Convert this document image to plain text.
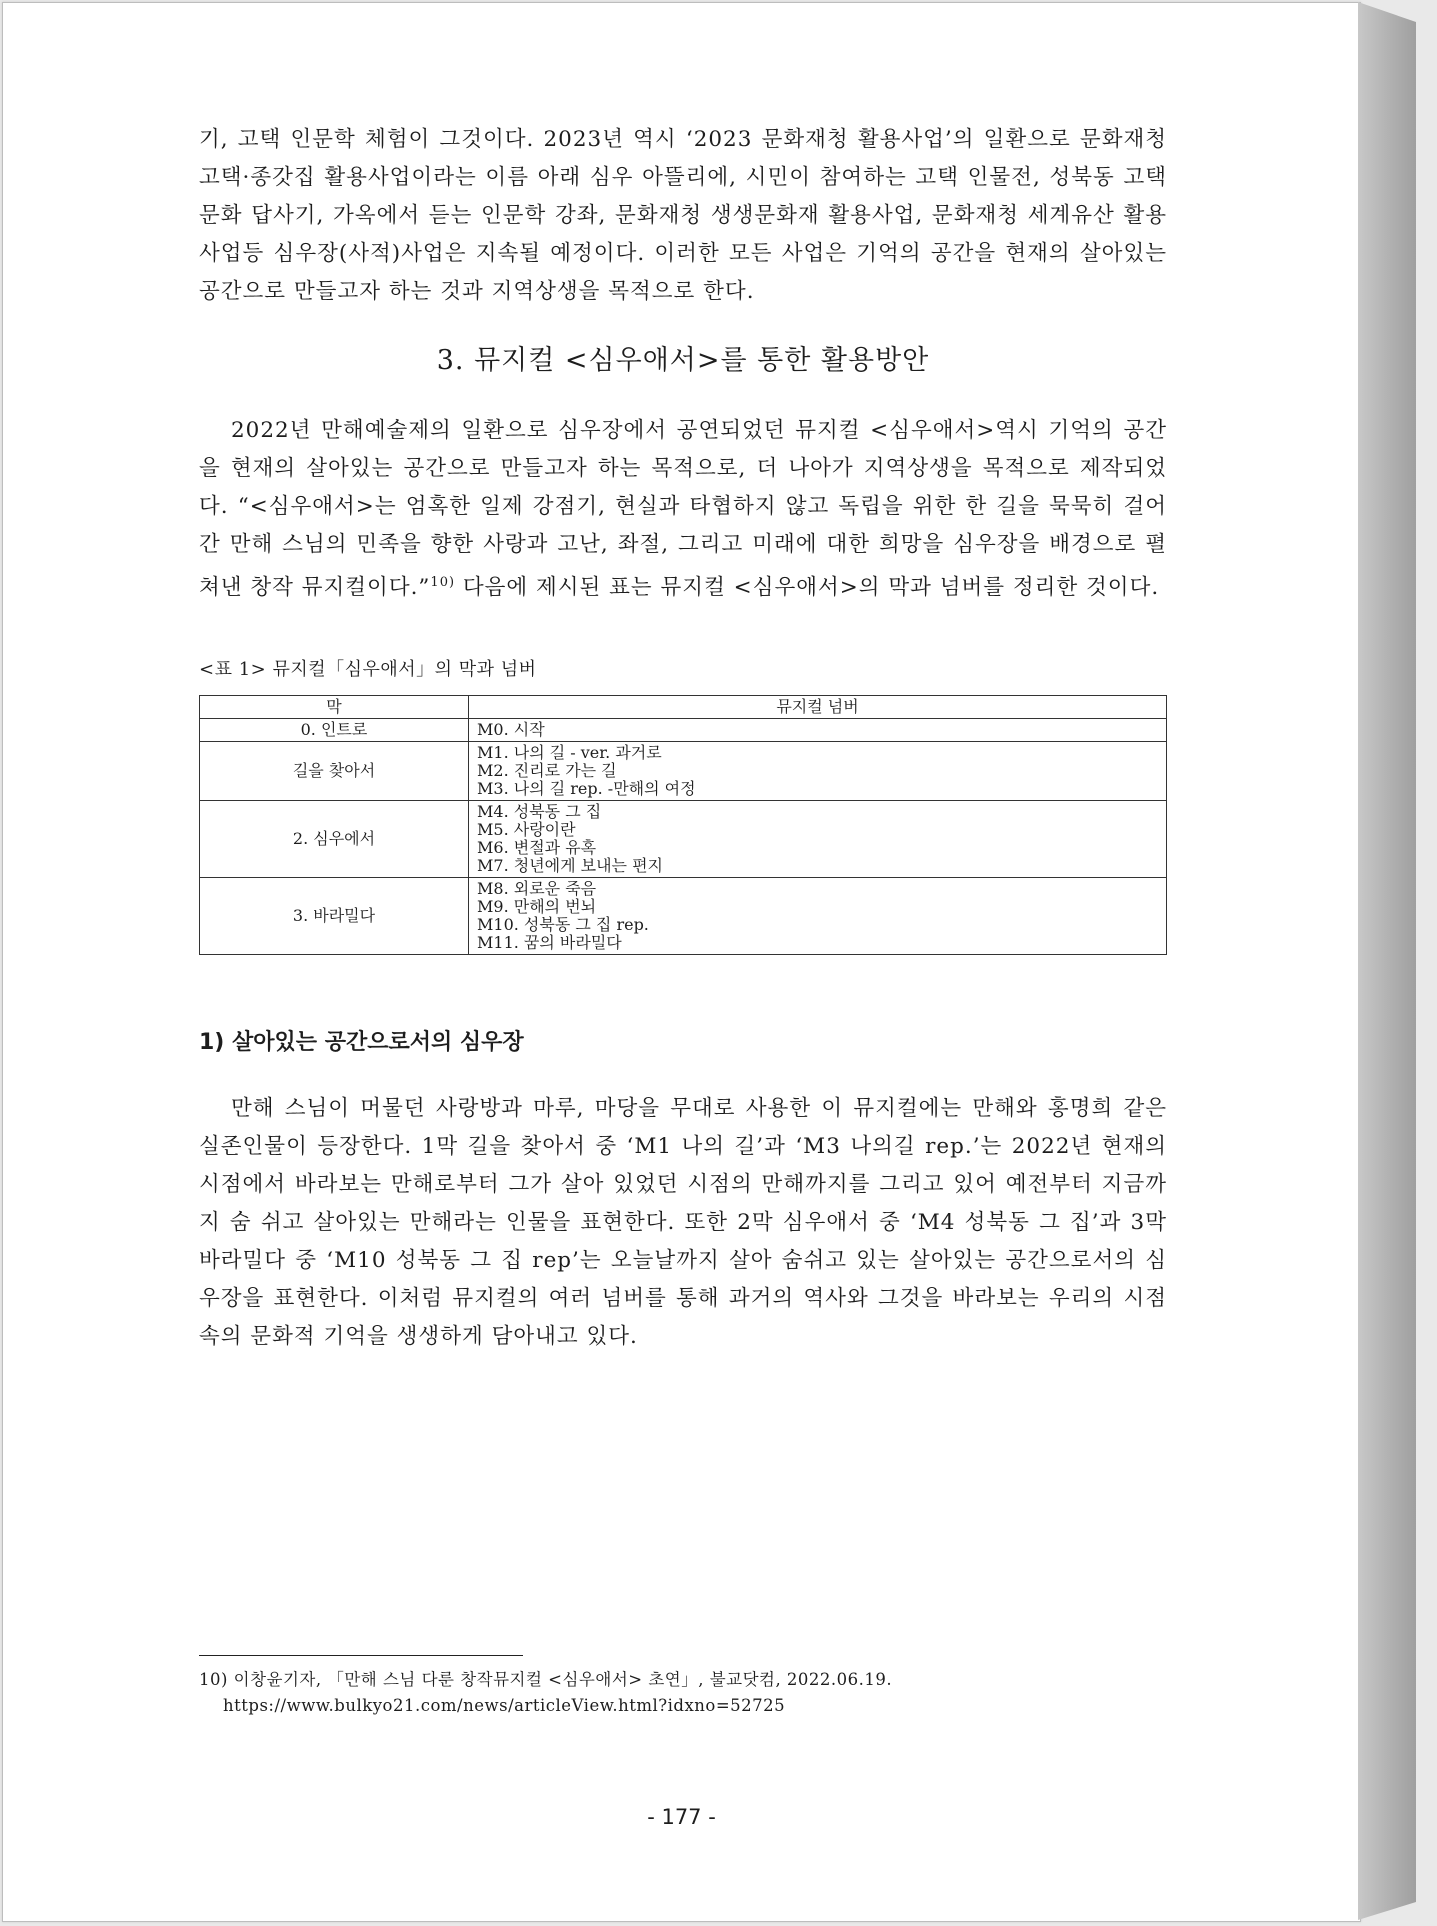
기, 고택 인문학 체험이 그것이다. 2023년 역시 ‘2023 문화재청 활용사업’의 일환으로 문화재청 고택·종갓집 활용사업이라는 이름 아래 심우 아뜰리에, 시민이 참여하는 고택 인물전, 성북동 고택 문화 답사기, 가옥에서 듣는 인문학 강좌, 문화재청 생생문화재 활용사업, 문화재청 세계유산 활용사업등 심우장(사적)사업은 지속될 예정이다. 이러한 모든 사업은 기억의 공간을 현재의 살아있는 공간으로 만들고자 하는 것과 지역상생을 목적으로 한다.

3. 뮤지컬 <심우애서>를 통한 활용방안

2022년 만해예술제의 일환으로 심우장에서 공연되었던 뮤지컬 <심우애서>역시 기억의 공간을 현재의 살아있는 공간으로 만들고자 하는 목적으로, 더 나아가 지역상생을 목적으로 제작되었다. “<심우애서>는 엄혹한 일제 강점기, 현실과 타협하지 않고 독립을 위한 한 길을 묵묵히 걸어간 만해 스님의 민족을 향한 사랑과 고난, 좌절, 그리고 미래에 대한 희망을 심우장을 배경으로 펼쳐낸 창작 뮤지컬이다.”$^{10)}$ 다음에 제시된 표는 뮤지컬 <심우애서>의 막과 넘버를 정리한 것이다.

<표 1> 뮤지컬「심우애서」의 막과 넘버
막	뮤지컬 넘버
0. 인트로	M0. 시작

길을 찾아서	M1. 나의 길 - ver. 과거로
M2. 진리로 가는 길
M3. 나의 길 rep. -만해의 여정

2. 심우에서	M4. 성북동 그 집
M5. 사랑이란
M6. 변절과 유혹
M7. 청년에게 보내는 편지

3. 바라밀다	M8. 외로운 죽음
M9. 만해의 번뇌
M10. 성북동 그 집 rep.
M11. 꿈의 바라밀다
1) 살아있는 공간으로서의 심우장

만해 스님이 머물던 사랑방과 마루, 마당을 무대로 사용한 이 뮤지컬에는 만해와 홍명희 같은 실존인물이 등장한다. 1막 길을 찾아서 중 ‘M1 나의 길’과 ‘M3 나의길 rep.’는 2022년 현재의 시점에서 바라보는 만해로부터 그가 살아 있었던 시점의 만해까지를 그리고 있어 예전부터 지금까지 숨 쉬고 살아있는 만해라는 인물을 표현한다. 또한 2막 심우애서 중 ‘M4 성북동 그 집’과 3막 바라밀다 중 ‘M10 성북동 그 집 rep’는 오늘날까지 살아 숨쉬고 있는 살아있는 공간으로서의 심우장을 표현한다. 이처럼 뮤지컬의 여러 넘버를 통해 과거의 역사와 그것을 바라보는 우리의 시점 속의 문화적 기억을 생생하게 담아내고 있다.

10) 이창윤기자, 「만해 스님 다룬 창작뮤지컬 <심우애서> 초연」, 불교닷컴, 2022.06.19.
https://www.bulkyo21.com/news/articleView.html?idxno=52725
- 177 -
